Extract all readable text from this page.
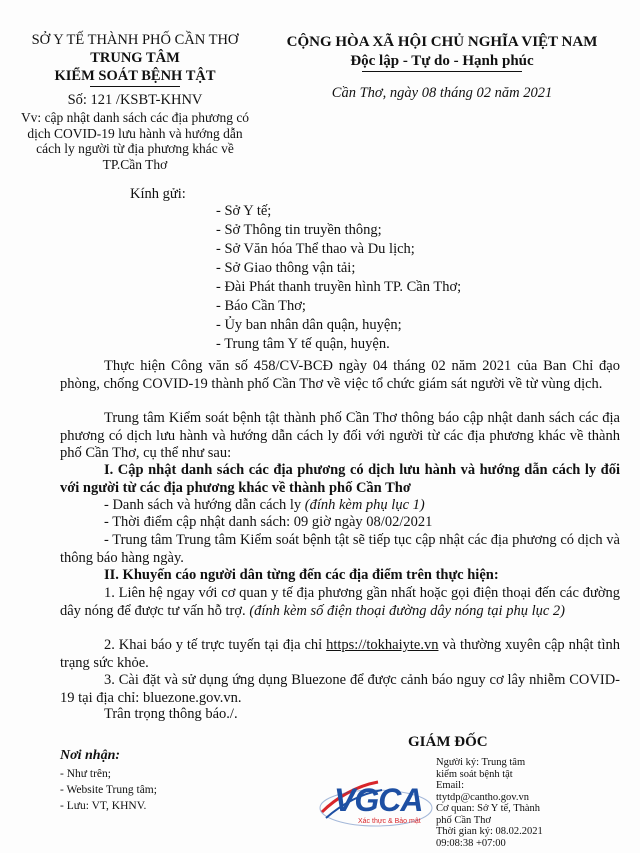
SỞ Y TẾ THÀNH PHỐ CẦN THƠ
TRUNG TÂM
KIỂM SOÁT BỆNH TẬT
Số: 121 /KSBT-KHNV
Vv: cập nhật danh sách các địa phương có
dịch COVID-19 lưu hành và hướng dẫn
cách ly người từ địa phương khác về
TP.Cần Thơ
CỘNG HÒA XÃ HỘI CHỦ NGHĨA VIỆT NAM
Độc lập - Tự do - Hạnh phúc
Cần Thơ, ngày 08 tháng 02 năm 2021
Kính gửi:
- Sở Y tế;
- Sở Thông tin truyền thông;
- Sở Văn hóa Thể thao và Du lịch;
- Sở Giao thông vận tải;
- Đài Phát thanh truyền hình TP. Cần Thơ;
- Báo Cần Thơ;
- Ủy ban nhân dân quận, huyện;
- Trung tâm Y tế quận, huyện.
Thực hiện Công văn số 458/CV-BCĐ ngày 04 tháng 02 năm 2021 của Ban Chỉ đạo phòng, chống COVID-19 thành phố Cần Thơ về việc tổ chức giám sát người về từ vùng dịch.
Trung tâm Kiểm soát bệnh tật thành phố Cần Thơ thông báo cập nhật danh sách các địa phương có dịch lưu hành và hướng dẫn cách ly đối với người từ các địa phương khác về thành phố Cần Thơ, cụ thể như sau:
I. Cập nhật danh sách các địa phương có dịch lưu hành và hướng dẫn cách ly đối với người từ các địa phương khác về thành phố Cần Thơ
- Danh sách và hướng dẫn cách ly (đính kèm phụ lục 1)
- Thời điểm cập nhật danh sách: 09 giờ ngày 08/02/2021
- Trung tâm Trung tâm Kiểm soát bệnh tật sẽ tiếp tục cập nhật các địa phương có dịch và thông báo hàng ngày.
II. Khuyến cáo người dân từng đến các địa điểm trên thực hiện:
1. Liên hệ ngay với cơ quan y tế địa phương gần nhất hoặc gọi điện thoại đến các đường dây nóng để được tư vấn hỗ trợ. (đính kèm số điện thoại đường dây nóng tại phụ lục 2)
2. Khai báo y tế trực tuyến tại địa chỉ https://tokhaiyte.vn và thường xuyên cập nhật tình trạng sức khỏe.
3. Cài đặt và sử dụng ứng dụng Bluezone để được cảnh báo nguy cơ lây nhiễm COVID-19 tại địa chỉ: bluezone.gov.vn.
Trân trọng thông báo./.
Nơi nhận:
- Như trên;
- Website Trung tâm;
- Lưu: VT, KHNV.
GIÁM ĐỐC
VGCA
Xác thực & Bảo mật
Người ký: Trung tâm
kiểm soát bệnh tật
Email:
ttytdp@cantho.gov.vn
Cơ quan: Sở Y tế, Thành
phố Cần Thơ
Thời gian ký: 08.02.2021
09:08:38 +07:00
